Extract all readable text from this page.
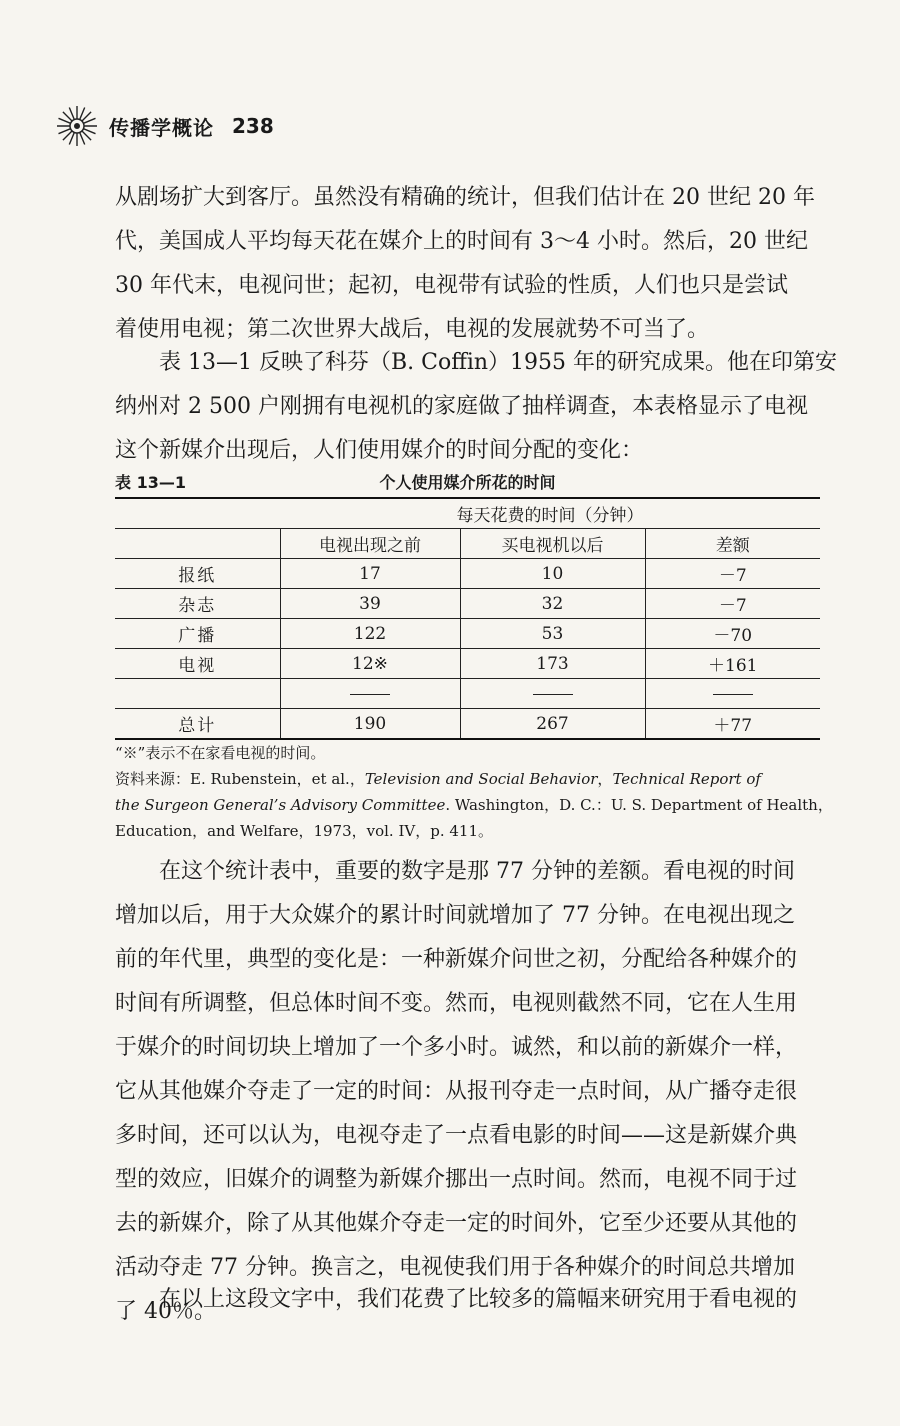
传播学概论 238

从剧场扩大到客厅。虽然没有精确的统计，但我们估计在 20 世纪 20 年
代，美国成人平均每天花在媒介上的时间有 3～4 小时。然后，20 世纪
30 年代末，电视问世；起初，电视带有试验的性质，人们也只是尝试
着使用电视；第二次世界大战后，电视的发展就势不可当了。

表 13—1 反映了科芬（B. Coffin）1955 年的研究成果。他在印第安
纳州对 2 500 户刚拥有电视机的家庭做了抽样调查，本表格显示了电视
这个新媒介出现后，人们使用媒介的时间分配的变化：

个人使用媒介所花的时间
表 13—1
	每天花费的时间（分钟）		
	电视出现之前	买电视机以后	差额
报纸	17	10	－7
杂志	39	32	－7
广播	122	53	－70
电视	12※	173	＋161

总计	190	267	＋77
“※”表示不在家看电视的时间。
资料来源：E. Rubenstein，et al.，Television and Social Behavior，Technical Report of
the Surgeon General’s Advisory Committee. Washington，D. C.：U. S. Department of Health，
Education，and Welfare，1973，vol. IV，p. 411。

在这个统计表中，重要的数字是那 77 分钟的差额。看电视的时间
增加以后，用于大众媒介的累计时间就增加了 77 分钟。在电视出现之
前的年代里，典型的变化是：一种新媒介问世之初，分配给各种媒介的
时间有所调整，但总体时间不变。然而，电视则截然不同，它在人生用
于媒介的时间切块上增加了一个多小时。诚然，和以前的新媒介一样，
它从其他媒介夺走了一定的时间：从报刊夺走一点时间，从广播夺走很
多时间，还可以认为，电视夺走了一点看电影的时间——这是新媒介典
型的效应，旧媒介的调整为新媒介挪出一点时间。然而，电视不同于过
去的新媒介，除了从其他媒介夺走一定的时间外，它至少还要从其他的
活动夺走 77 分钟。换言之，电视使我们用于各种媒介的时间总共增加
了 40％。

在以上这段文字中，我们花费了比较多的篇幅来研究用于看电视的
